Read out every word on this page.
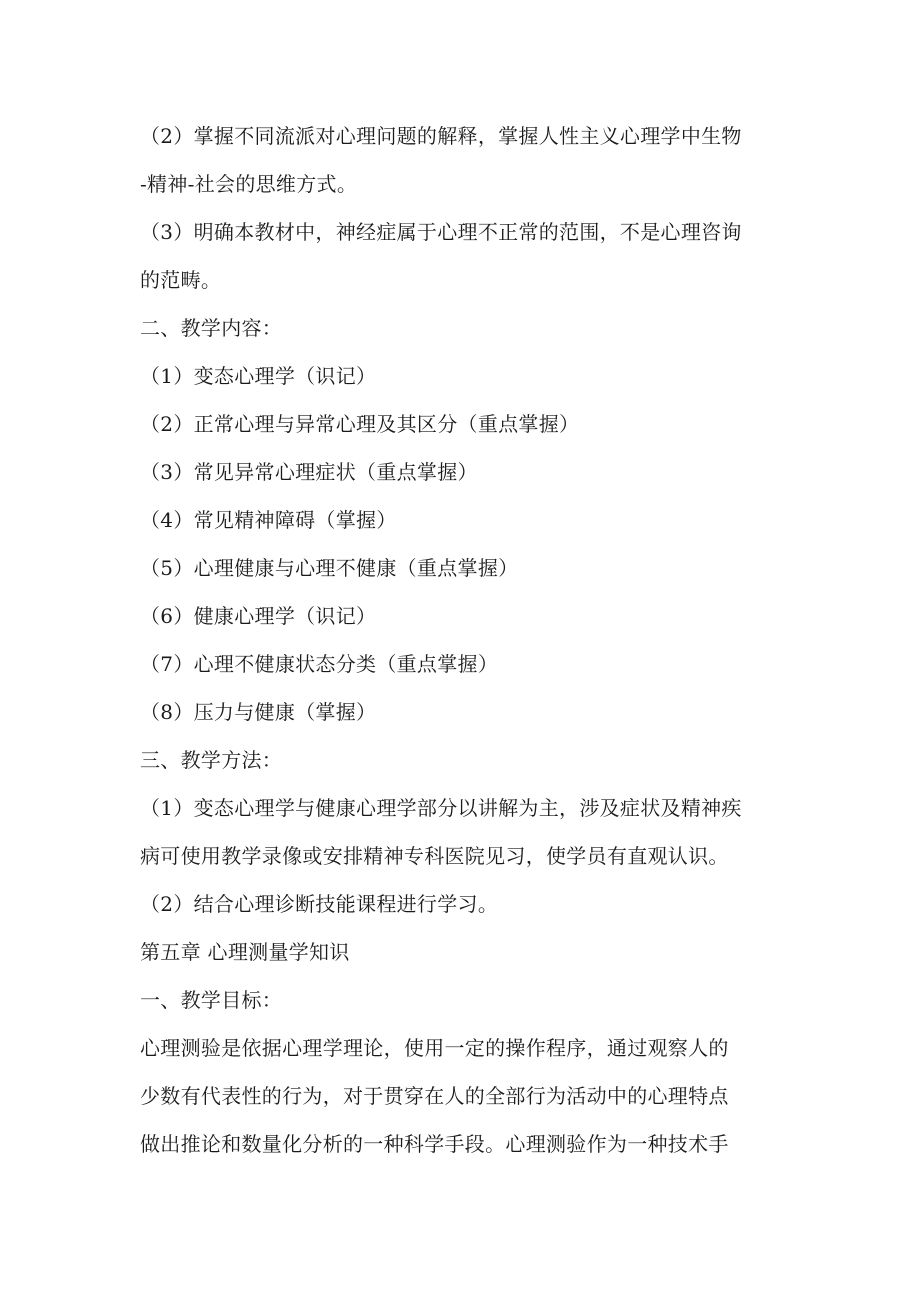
（2）掌握不同流派对心理问题的解释，掌握人性主义心理学中生物
-精神-社会的思维方式。
（3）明确本教材中，神经症属于心理不正常的范围，不是心理咨询
的范畴。
二、教学内容：
（1）变态心理学（识记）
（2）正常心理与异常心理及其区分（重点掌握）
（3）常见异常心理症状（重点掌握）
（4）常见精神障碍（掌握）
（5）心理健康与心理不健康（重点掌握）
（6）健康心理学（识记）
（7）心理不健康状态分类（重点掌握）
（8）压力与健康（掌握）
三、教学方法：
（1）变态心理学与健康心理学部分以讲解为主，涉及症状及精神疾
病可使用教学录像或安排精神专科医院见习，使学员有直观认识。
（2）结合心理诊断技能课程进行学习。
第五章 心理测量学知识
一、教学目标：
心理测验是依据心理学理论，使用一定的操作程序，通过观察人的
少数有代表性的行为，对于贯穿在人的全部行为活动中的心理特点
做出推论和数量化分析的一种科学手段。心理测验作为一种技术手
